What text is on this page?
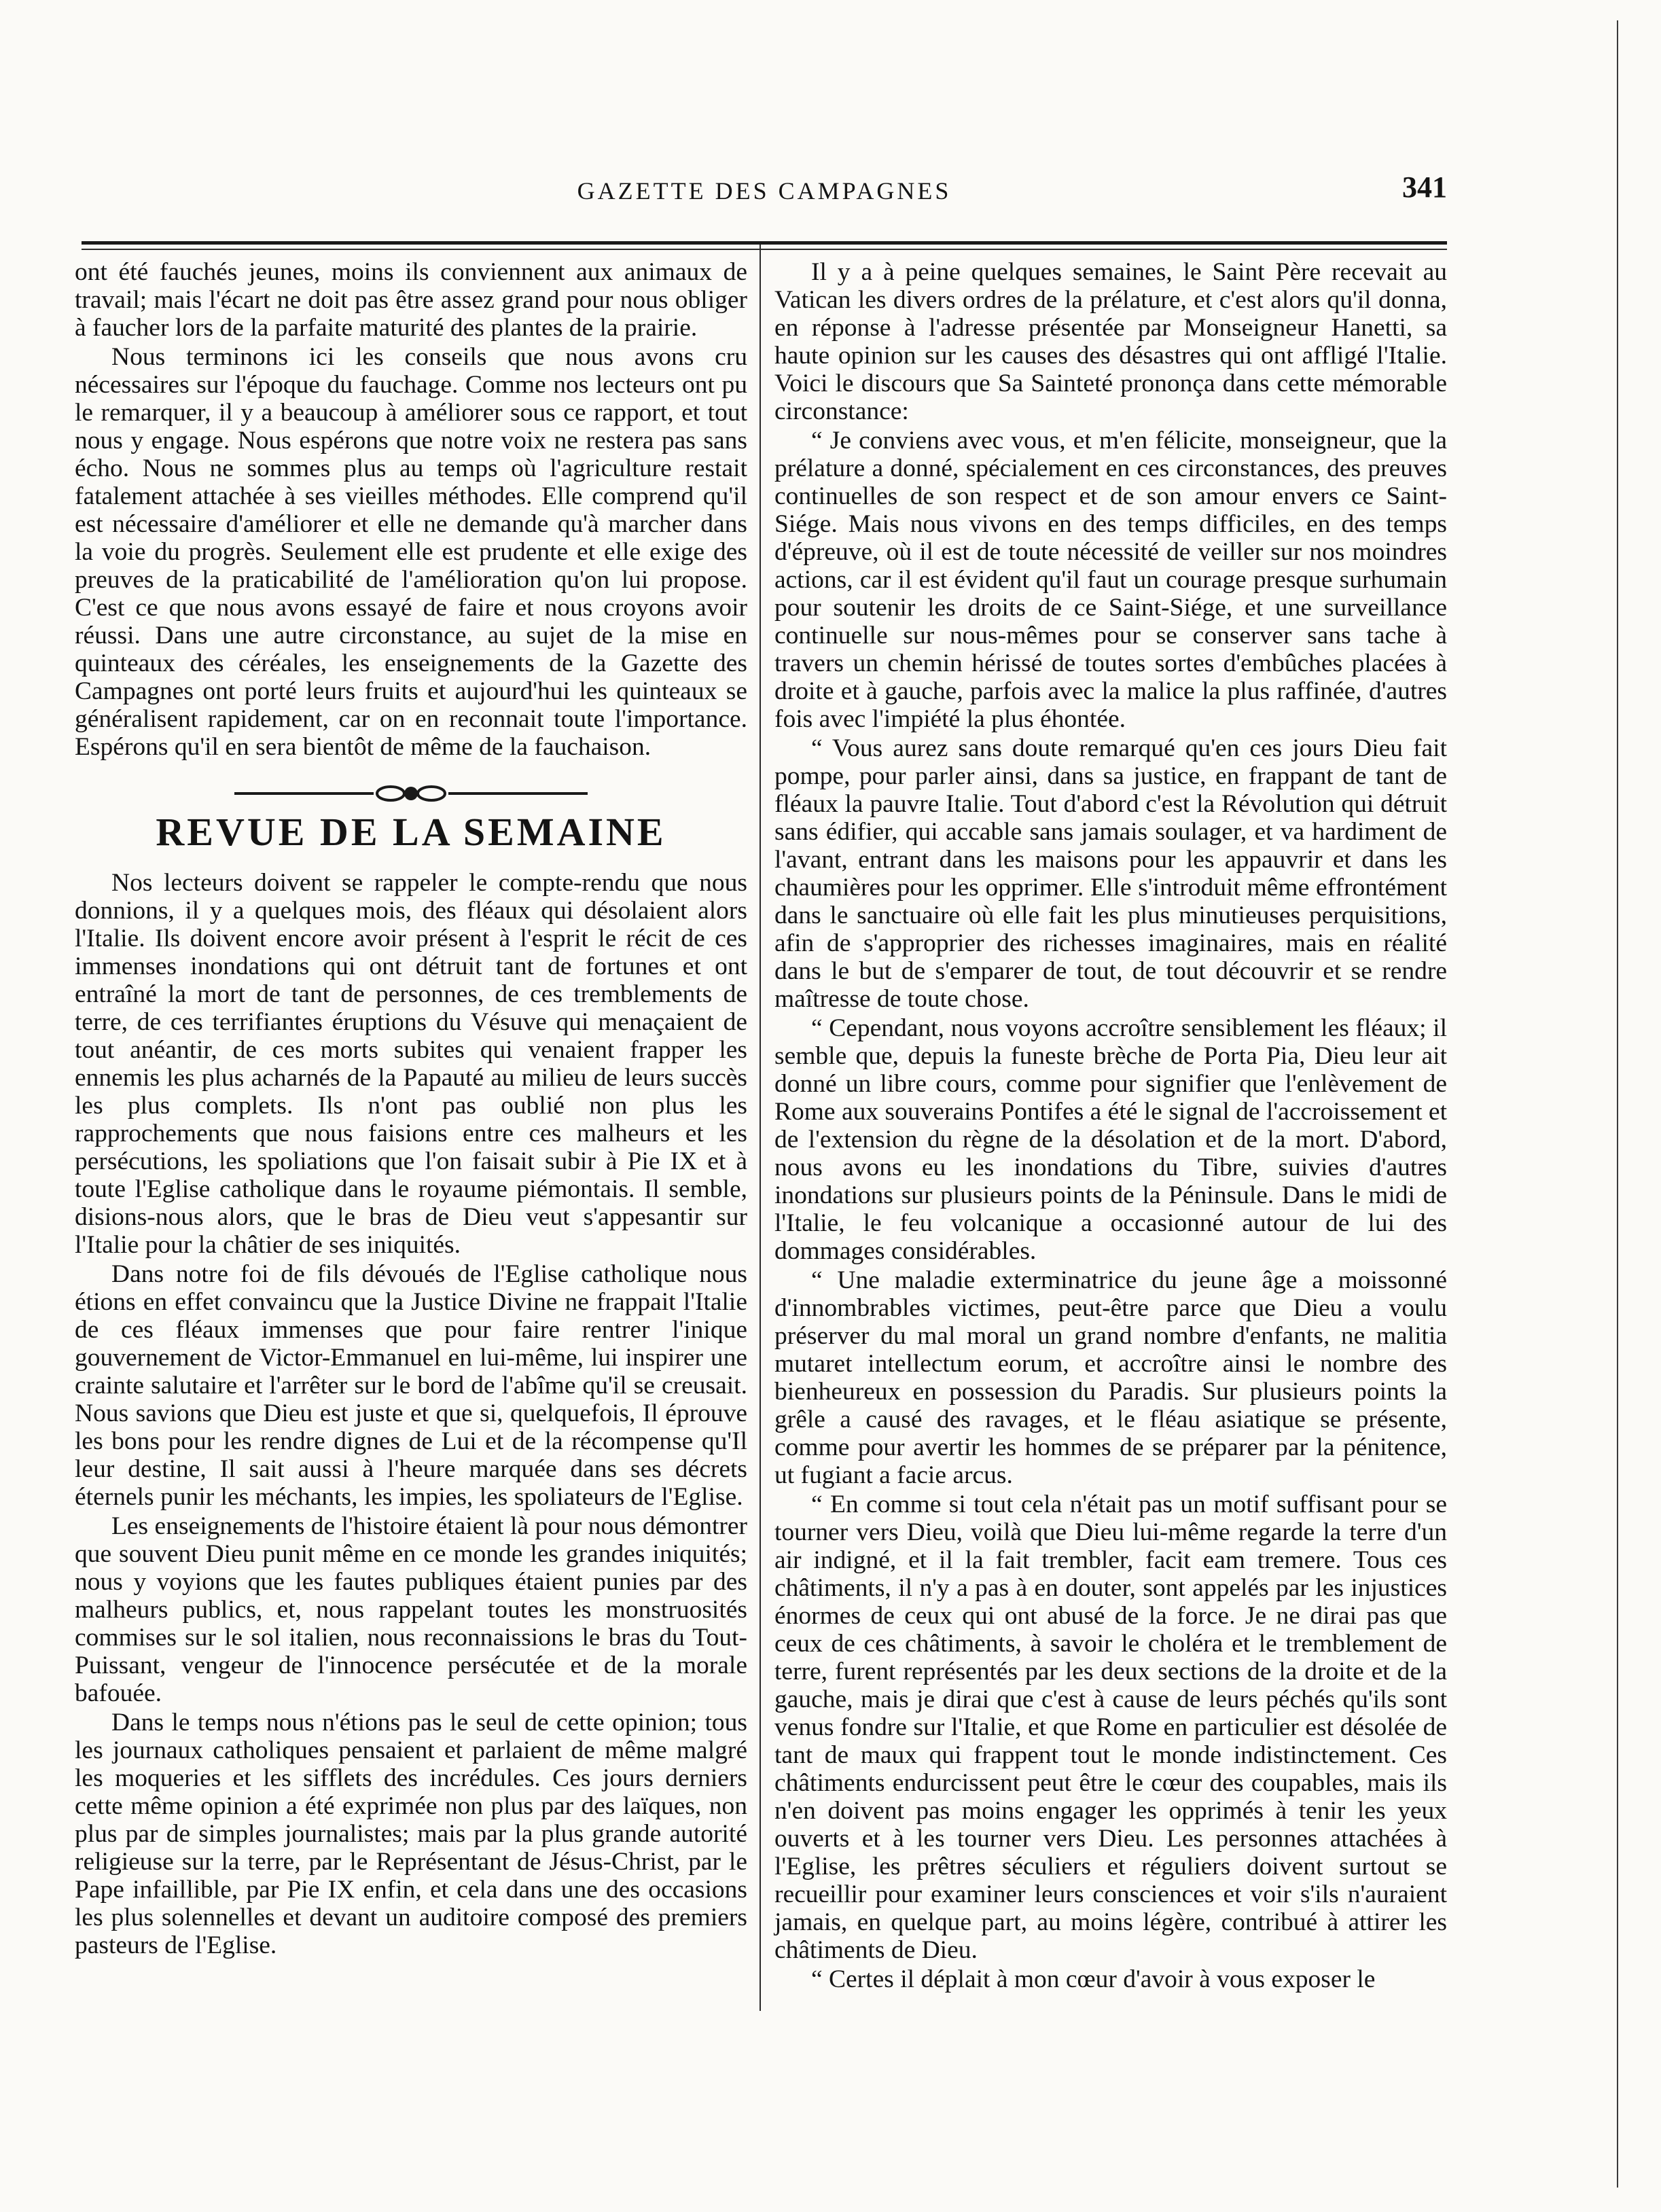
GAZETTE DES CAMPAGNES	341

ont été fauchés jeunes, moins ils conviennent aux animaux de travail; mais l'écart ne doit pas être assez grand pour nous obliger à faucher lors de la parfaite maturité des plantes de la prairie.

Nous terminons ici les conseils que nous avons cru nécessaires sur l'époque du fauchage. Comme nos lecteurs ont pu le remarquer, il y a beaucoup à améliorer sous ce rapport, et tout nous y engage. Nous espérons que notre voix ne restera pas sans écho. Nous ne sommes plus au temps où l'agriculture restait fatalement attachée à ses vieilles méthodes. Elle comprend qu'il est nécessaire d'améliorer et elle ne demande qu'à marcher dans la voie du progrès. Seulement elle est prudente et elle exige des preuves de la praticabilité de l'amélioration qu'on lui propose. C'est ce que nous avons essayé de faire et nous croyons avoir réussi. Dans une autre circonstance, au sujet de la mise en quinteaux des céréales, les enseignements de la Gazette des Campagnes ont porté leurs fruits et aujourd'hui les quinteaux se généralisent rapidement, car on en reconnait toute l'importance. Espérons qu'il en sera bientôt de même de la fauchaison.

REVUE DE LA SEMAINE

Nos lecteurs doivent se rappeler le compte-rendu que nous donnions, il y a quelques mois, des fléaux qui désolaient alors l'Italie. Ils doivent encore avoir présent à l'esprit le récit de ces immenses inondations qui ont détruit tant de fortunes et ont entraîné la mort de tant de personnes, de ces tremblements de terre, de ces terrifiantes éruptions du Vésuve qui menaçaient de tout anéantir, de ces morts subites qui venaient frapper les ennemis les plus acharnés de la Papauté au milieu de leurs succès les plus complets. Ils n'ont pas oublié non plus les rapprochements que nous faisions entre ces malheurs et les persécutions, les spoliations que l'on faisait subir à Pie IX et à toute l'Eglise catholique dans le royaume piémontais. Il semble, disions-nous alors, que le bras de Dieu veut s'appesantir sur l'Italie pour la châtier de ses iniquités.

Dans notre foi de fils dévoués de l'Eglise catholique nous étions en effet convaincu que la Justice Divine ne frappait l'Italie de ces fléaux immenses que pour faire rentrer l'inique gouvernement de Victor-Emmanuel en lui-même, lui inspirer une crainte salutaire et l'arrêter sur le bord de l'abîme qu'il se creusait. Nous savions que Dieu est juste et que si, quelquefois, Il éprouve les bons pour les rendre dignes de Lui et de la récompense qu'Il leur destine, Il sait aussi à l'heure marquée dans ses décrets éternels punir les méchants, les impies, les spoliateurs de l'Eglise.

Les enseignements de l'histoire étaient là pour nous démontrer que souvent Dieu punit même en ce monde les grandes iniquités; nous y voyions que les fautes publiques étaient punies par des malheurs publics, et, nous rappelant toutes les monstruosités commises sur le sol italien, nous reconnaissions le bras du Tout-Puissant, vengeur de l'innocence persécutée et de la morale bafouée.

Dans le temps nous n'étions pas le seul de cette opinion; tous les journaux catholiques pensaient et parlaient de même malgré les moqueries et les sifflets des incrédules. Ces jours derniers cette même opinion a été exprimée non plus par des laïques, non plus par de simples journalistes; mais par la plus grande autorité religieuse sur la terre, par le Représentant de Jésus-Christ, par le Pape infaillible, par Pie IX enfin, et cela dans une des occasions les plus solennelles et devant un auditoire composé des premiers pasteurs de l'Eglise.

Il y a à peine quelques semaines, le Saint Père recevait au Vatican les divers ordres de la prélature, et c'est alors qu'il donna, en réponse à l'adresse présentée par Monseigneur Hanetti, sa haute opinion sur les causes des désastres qui ont affligé l'Italie. Voici le discours que Sa Sainteté prononça dans cette mémorable circonstance:

“ Je conviens avec vous, et m'en félicite, monseigneur, que la prélature a donné, spécialement en ces circonstances, des preuves continuelles de son respect et de son amour envers ce Saint-Siége. Mais nous vivons en des temps difficiles, en des temps d'épreuve, où il est de toute nécessité de veiller sur nos moindres actions, car il est évident qu'il faut un courage presque surhumain pour soutenir les droits de ce Saint-Siége, et une surveillance continuelle sur nous-mêmes pour se conserver sans tache à travers un chemin hérissé de toutes sortes d'embûches placées à droite et à gauche, parfois avec la malice la plus raffinée, d'autres fois avec l'impiété la plus éhontée.

“ Vous aurez sans doute remarqué qu'en ces jours Dieu fait pompe, pour parler ainsi, dans sa justice, en frappant de tant de fléaux la pauvre Italie. Tout d'abord c'est la Révolution qui détruit sans édifier, qui accable sans jamais soulager, et va hardiment de l'avant, entrant dans les maisons pour les appauvrir et dans les chaumières pour les opprimer. Elle s'introduit même effrontément dans le sanctuaire où elle fait les plus minutieuses perquisitions, afin de s'approprier des richesses imaginaires, mais en réalité dans le but de s'emparer de tout, de tout découvrir et se rendre maîtresse de toute chose.

“ Cependant, nous voyons accroître sensiblement les fléaux; il semble que, depuis la funeste brèche de Porta Pia, Dieu leur ait donné un libre cours, comme pour signifier que l'enlèvement de Rome aux souverains Pontifes a été le signal de l'accroissement et de l'extension du règne de la désolation et de la mort. D'abord, nous avons eu les inondations du Tibre, suivies d'autres inondations sur plusieurs points de la Péninsule. Dans le midi de l'Italie, le feu volcanique a occasionné autour de lui des dommages considérables.

“ Une maladie exterminatrice du jeune âge a moissonné d'innombrables victimes, peut-être parce que Dieu a voulu préserver du mal moral un grand nombre d'enfants, ne malitia mutaret intellectum eorum, et accroître ainsi le nombre des bienheureux en possession du Paradis. Sur plusieurs points la grêle a causé des ravages, et le fléau asiatique se présente, comme pour avertir les hommes de se préparer par la pénitence, ut fugiant a facie arcus.

“ En comme si tout cela n'était pas un motif suffisant pour se tourner vers Dieu, voilà que Dieu lui-même regarde la terre d'un air indigné, et il la fait trembler, facit eam tremere. Tous ces châtiments, il n'y a pas à en douter, sont appelés par les injustices énormes de ceux qui ont abusé de la force. Je ne dirai pas que ceux de ces châtiments, à savoir le choléra et le tremblement de terre, furent représentés par les deux sections de la droite et de la gauche, mais je dirai que c'est à cause de leurs péchés qu'ils sont venus fondre sur l'Italie, et que Rome en particulier est désolée de tant de maux qui frappent tout le monde indistinctement. Ces châtiments endurcissent peut être le cœur des coupables, mais ils n'en doivent pas moins engager les opprimés à tenir les yeux ouverts et à les tourner vers Dieu. Les personnes attachées à l'Eglise, les prêtres séculiers et réguliers doivent surtout se recueillir pour examiner leurs consciences et voir s'ils n'auraient jamais, en quelque part, au moins légère, contribué à attirer les châtiments de Dieu.

“ Certes il déplait à mon cœur d'avoir à vous exposer le
